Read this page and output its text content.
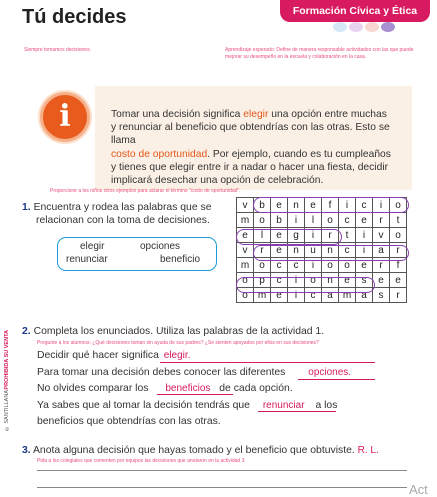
Tú decides	Formación Cívica y Ética
Siempre tomamos decisiones.	Aprendizaje esperado: Define de manera responsable actividades con las que puede mejorar su desempeño en la escuela y colaboración en la casa.
i	Tomar una decisión significa elegir una opción entre muchas
y renunciar al beneficio que obtendrías con las otras. Esto se llama
costo de oportunidad. Por ejemplo, cuando es tu cumpleaños
y tienes que elegir entre ir a nadar o hacer una fiesta, decidir
implicará desechar una opción de celebración.
Proporcione a los niños otros ejemplos para aclarar el término "costo de oportunidad".
1. Encuentra y rodea las palabras que se
relacionan con la toma de decisiones.
elegir	opciones
renunciar	beneficio
v	b	e	n	e	f	i	c	i	o
m	o	b	i	l	o	c	e	r	t
e	l	e	g	i	r	t	i	v	o
v	r	e	n	u	n	c	i	a	r
m	o	c	c	i	o	o	e	r	f
o	p	c	i	o	n	e	s	e	e
o	m	e	i	c	a	m	a	s	r
2. Completa los enunciados. Utiliza las palabras de la actividad 1.
Pregunte a los alumnos: ¿Qué decisiones toman sin ayuda de sus padres? ¿Se sienten apoyados por ellos en sus decisiones?
Decidir qué hacer significa elegir.
Para tomar una decisión debes conocer las diferentes opciones.
No olvides comparar los beneficios de cada opción.
Ya sabes que al tomar la decisión tendrás que renunciar a los
beneficios que obtendrías con las otras.
3. Anota alguna decisión que hayas tomado y el beneficio que obtuviste. R. L.
Pida a los colegiales que comenten por equipos las decisiones que anotaron en la actividad 3.
© SANTILLANA
PROHIBIDA SU VENTA
Act
